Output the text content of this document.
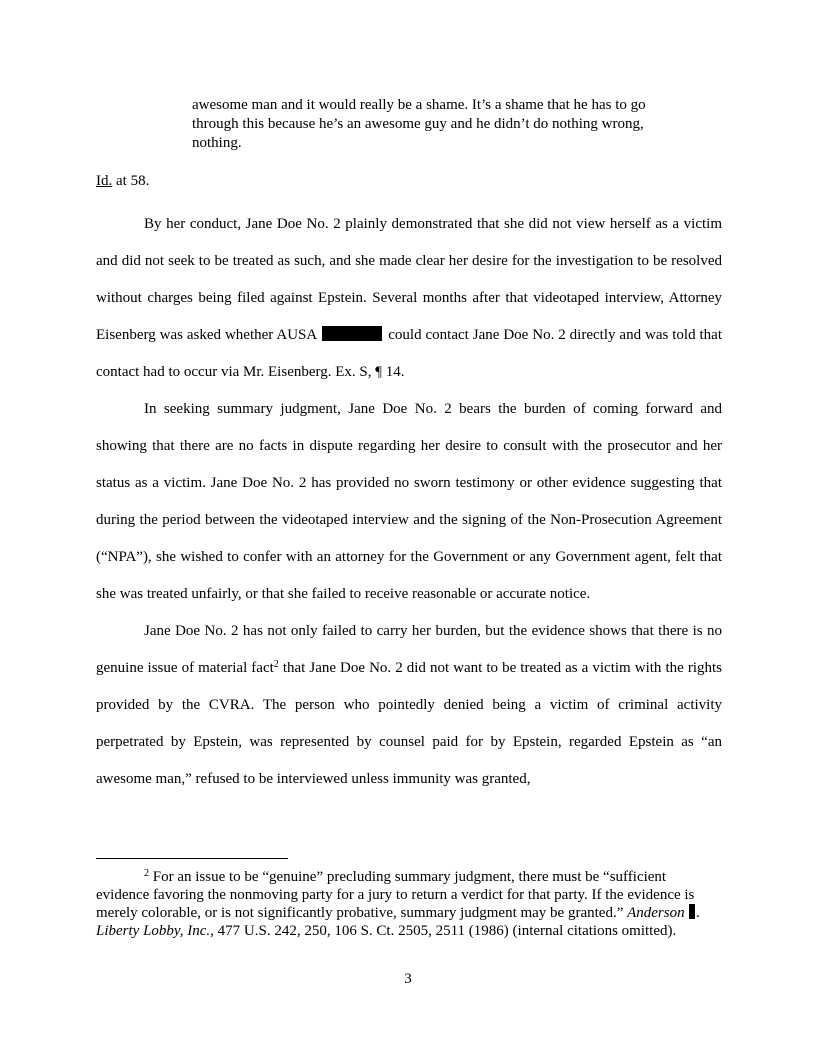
awesome man and it would really be a shame. It’s a shame that he has to go through this because he’s an awesome guy and he didn’t do nothing wrong, nothing.
Id. at 58.

By her conduct, Jane Doe No. 2 plainly demonstrated that she did not view herself as a victim and did not seek to be treated as such, and she made clear her desire for the investigation to be resolved without charges being filed against Epstein. Several months after that videotaped interview, Attorney Eisenberg was asked whether AUSA	could contact Jane Doe No. 2 directly and was told that contact had to occur via Mr. Eisenberg. Ex. S, ¶ 14.

In seeking summary judgment, Jane Doe No. 2 bears the burden of coming forward and showing that there are no facts in dispute regarding her desire to consult with the prosecutor and her status as a victim. Jane Doe No. 2 has provided no sworn testimony or other evidence suggesting that during the period between the videotaped interview and the signing of the Non-Prosecution Agreement (“NPA”), she wished to confer with an attorney for the Government or any Government agent, felt that she was treated unfairly, or that she failed to receive reasonable or accurate notice.

Jane Doe No. 2 has not only failed to carry her burden, but the evidence shows that there is no genuine issue of material fact$^2$ that Jane Doe No. 2 did not want to be treated as a victim with the rights provided by the CVRA. The person who pointedly denied being a victim of criminal activity perpetrated by Epstein, was represented by counsel paid for by Epstein, regarded Epstein as “an awesome man,” refused to be interviewed unless immunity was granted,

$^2$ For an issue to be “genuine” precluding summary judgment, there must be “sufficient evidence favoring the nonmoving party for a jury to return a verdict for that party. If the evidence is merely colorable, or is not significantly probative, summary judgment may be granted.” Anderson . Liberty Lobby, Inc., 477 U.S. 242, 250, 106 S. Ct. 2505, 2511 (1986) (internal citations omitted).

3
